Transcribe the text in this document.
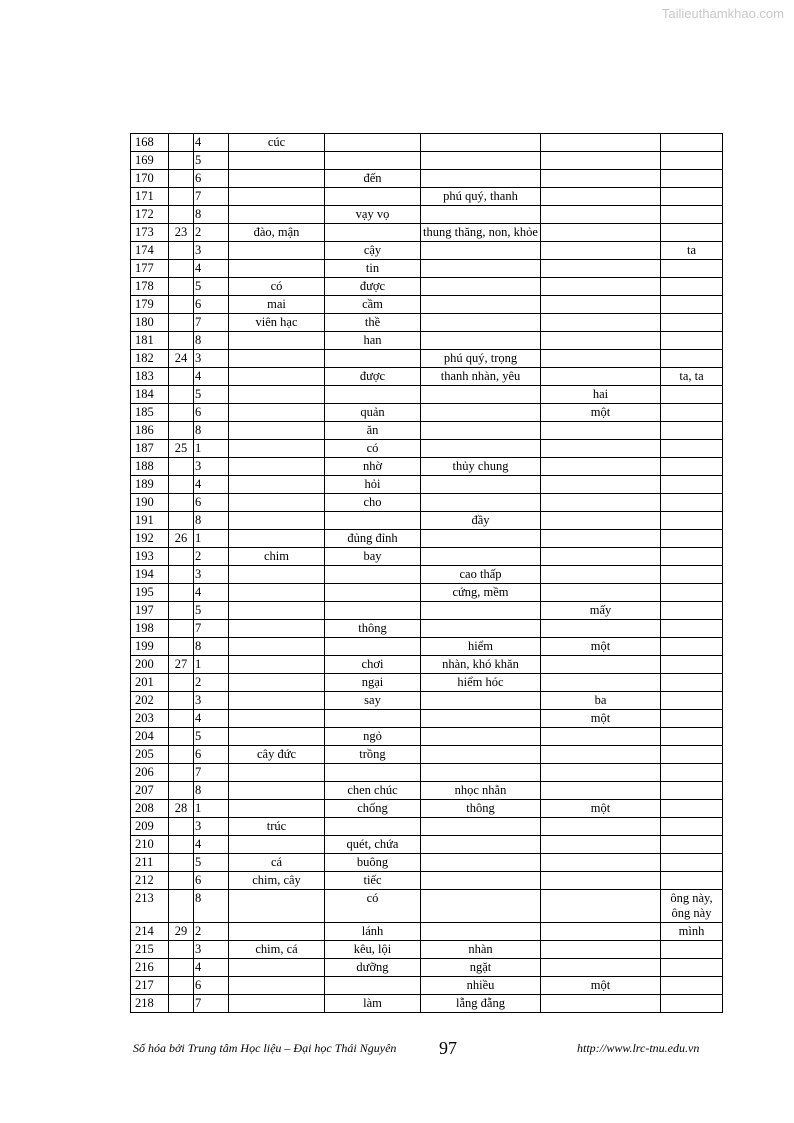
Tailieuthamkhao.com
168		4	cúc				
169		5					
170		6		đến			
171		7			phú quý, thanh		
172		8		vạy vọ			
173	23	2	đào, mận		thung thăng, non, khỏe		
174		3		cậy			ta
177		4		tin			
178		5	có	được			
179		6	mai	cầm			
180		7	viên hạc	thề			
181		8		han			
182	24	3			phú quý, trọng		
183		4		được	thanh nhàn, yêu		ta, ta
184		5				hai	
185		6		quản		một	
186		8		ăn			
187	25	1		có			
188		3		nhờ	thủy chung		
189		4		hỏi			
190		6		cho			
191		8			đầy		
192	26	1		đủng đỉnh			
193		2	chim	bay			
194		3			cao thấp		
195		4			cứng, mềm		
197		5				mấy	
198		7		thông			
199		8			hiểm	một	
200	27	1		chơi	nhàn, khó khăn		
201		2		ngại	hiểm hóc		
202		3		say		ba	
203		4				một	
204		5		ngỏ			
205		6	cây đức	trồng			
206		7					
207		8		chen chúc	nhọc nhằn		
208	28	1		chống	thông	một	
209		3	trúc				
210		4		quét, chứa			
211		5	cá	buông			
212		6	chim, cây	tiếc			
213		8		có			ông này, ông này
214	29	2		lánh			mình
215		3	chim, cá	kêu, lội	nhàn		
216		4		dưỡng	ngặt		
217		6			nhiều	một	
218		7		làm	lẵng đẵng		
Số hóa bởi Trung tâm Học liệu – Đại học Thái Nguyên 97	http://www.lrc-tnu.edu.vn
